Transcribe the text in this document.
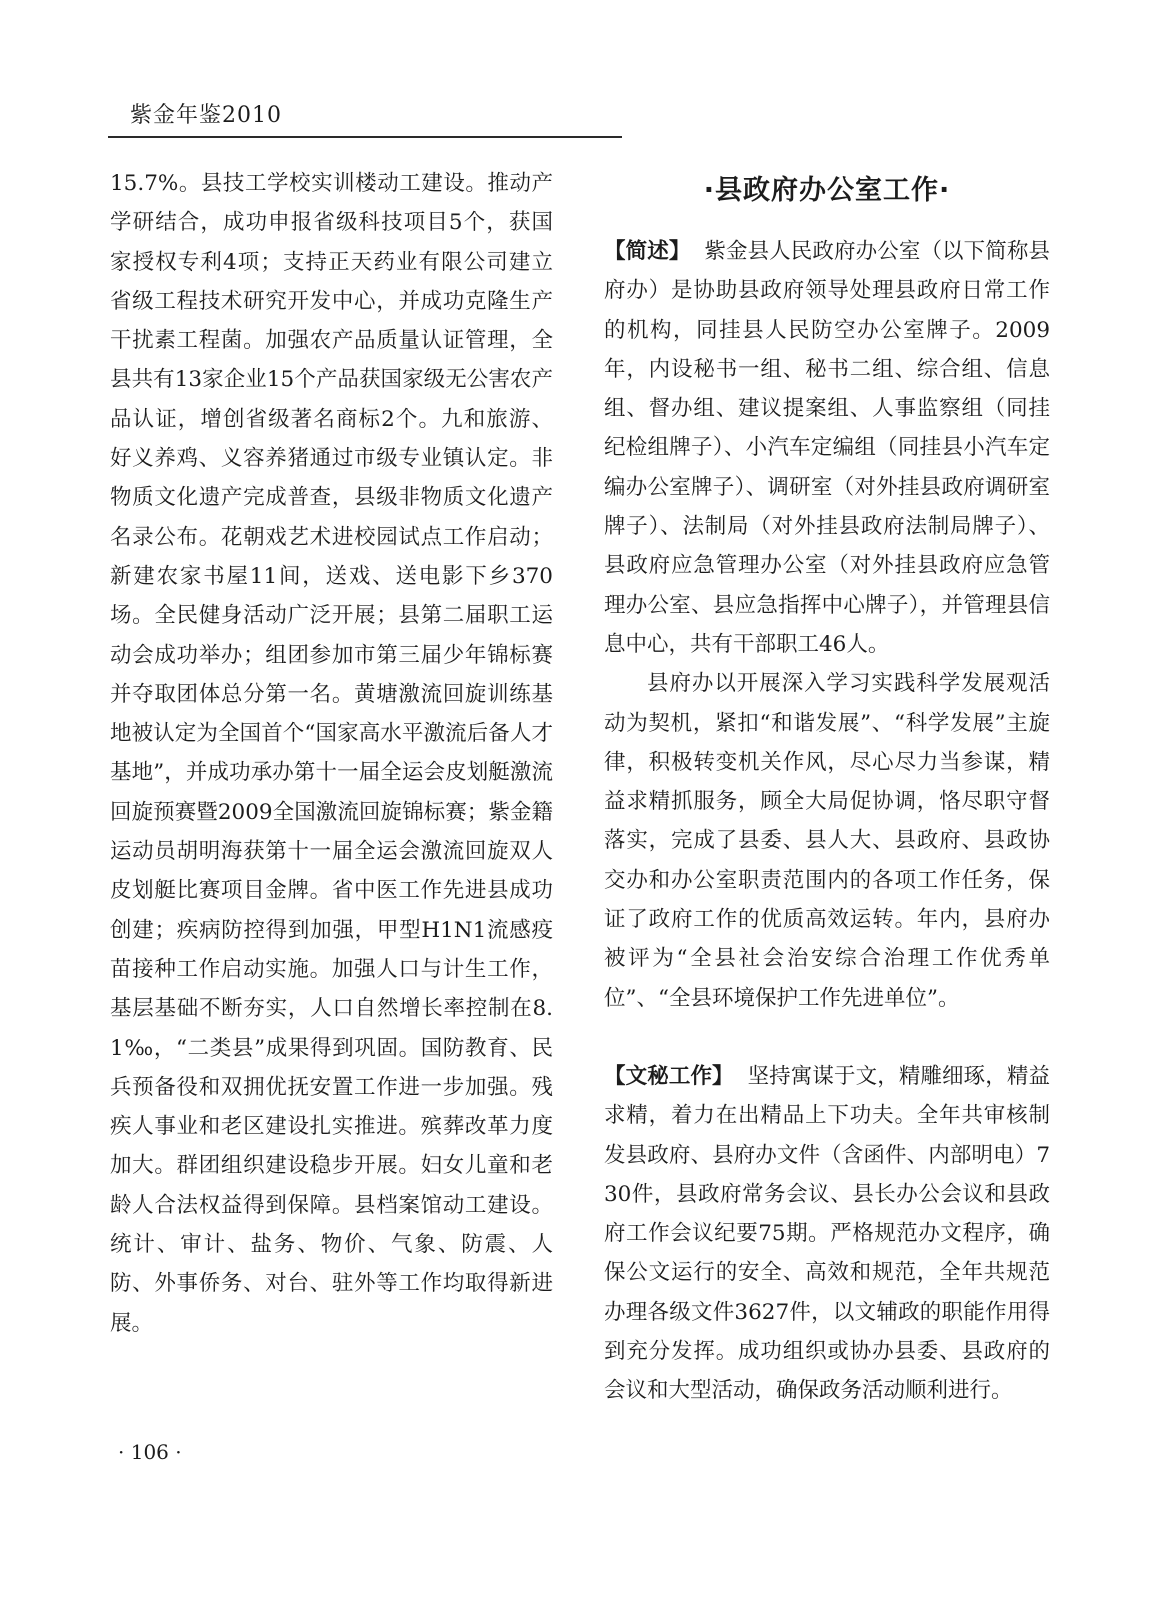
紫金年鉴2010

15.7%。县技工学校实训楼动工建设。推动产学研结合，成功申报省级科技项目5个，获国家授权专利4项；支持正天药业有限公司建立省级工程技术研究开发中心，并成功克隆生产干扰素工程菌。加强农产品质量认证管理，全县共有13家企业15个产品获国家级无公害农产品认证，增创省级著名商标2个。九和旅游、好义养鸡、义容养猪通过市级专业镇认定。非物质文化遗产完成普查，县级非物质文化遗产名录公布。花朝戏艺术进校园试点工作启动；新建农家书屋11间，送戏、送电影下乡370场。全民健身活动广泛开展；县第二届职工运动会成功举办；组团参加市第三届少年锦标赛并夺取团体总分第一名。黄塘激流回旋训练基地被认定为全国首个“国家高水平激流后备人才基地”，并成功承办第十一届全运会皮划艇激流回旋预赛暨2009全国激流回旋锦标赛；紫金籍运动员胡明海获第十一届全运会激流回旋双人皮划艇比赛项目金牌。省中医工作先进县成功创建；疾病防控得到加强，甲型H1N1流感疫苗接种工作启动实施。加强人口与计生工作，基层基础不断夯实，人口自然增长率控制在8.1‰，“二类县”成果得到巩固。国防教育、民兵预备役和双拥优抚安置工作进一步加强。残疾人事业和老区建设扎实推进。殡葬改革力度加大。群团组织建设稳步开展。妇女儿童和老龄人合法权益得到保障。县档案馆动工建设。统计、审计、盐务、物价、气象、防震、人防、外事侨务、对台、驻外等工作均取得新进展。

·县政府办公室工作·

【简述】 紫金县人民政府办公室（以下简称县府办）是协助县政府领导处理县政府日常工作的机构，同挂县人民防空办公室牌子。2009年，内设秘书一组、秘书二组、综合组、信息组、督办组、建议提案组、人事监察组（同挂纪检组牌子）、小汽车定编组（同挂县小汽车定编办公室牌子）、调研室（对外挂县政府调研室牌子）、法制局（对外挂县政府法制局牌子）、县政府应急管理办公室（对外挂县政府应急管理办公室、县应急指挥中心牌子），并管理县信息中心，共有干部职工46人。

县府办以开展深入学习实践科学发展观活动为契机，紧扣“和谐发展”、“科学发展”主旋律，积极转变机关作风，尽心尽力当参谋，精益求精抓服务，顾全大局促协调，恪尽职守督落实，完成了县委、县人大、县政府、县政协交办和办公室职责范围内的各项工作任务，保证了政府工作的优质高效运转。年内，县府办被评为“全县社会治安综合治理工作优秀单位”、“全县环境保护工作先进单位”。

【文秘工作】 坚持寓谋于文，精雕细琢，精益求精，着力在出精品上下功夫。全年共审核制发县政府、县府办文件（含函件、内部明电）730件，县政府常务会议、县长办公会议和县政府工作会议纪要75期。严格规范办文程序，确保公文运行的安全、高效和规范，全年共规范办理各级文件3627件，以文辅政的职能作用得到充分发挥。成功组织或协办县委、县政府的会议和大型活动，确保政务活动顺利进行。

· 106 ·
